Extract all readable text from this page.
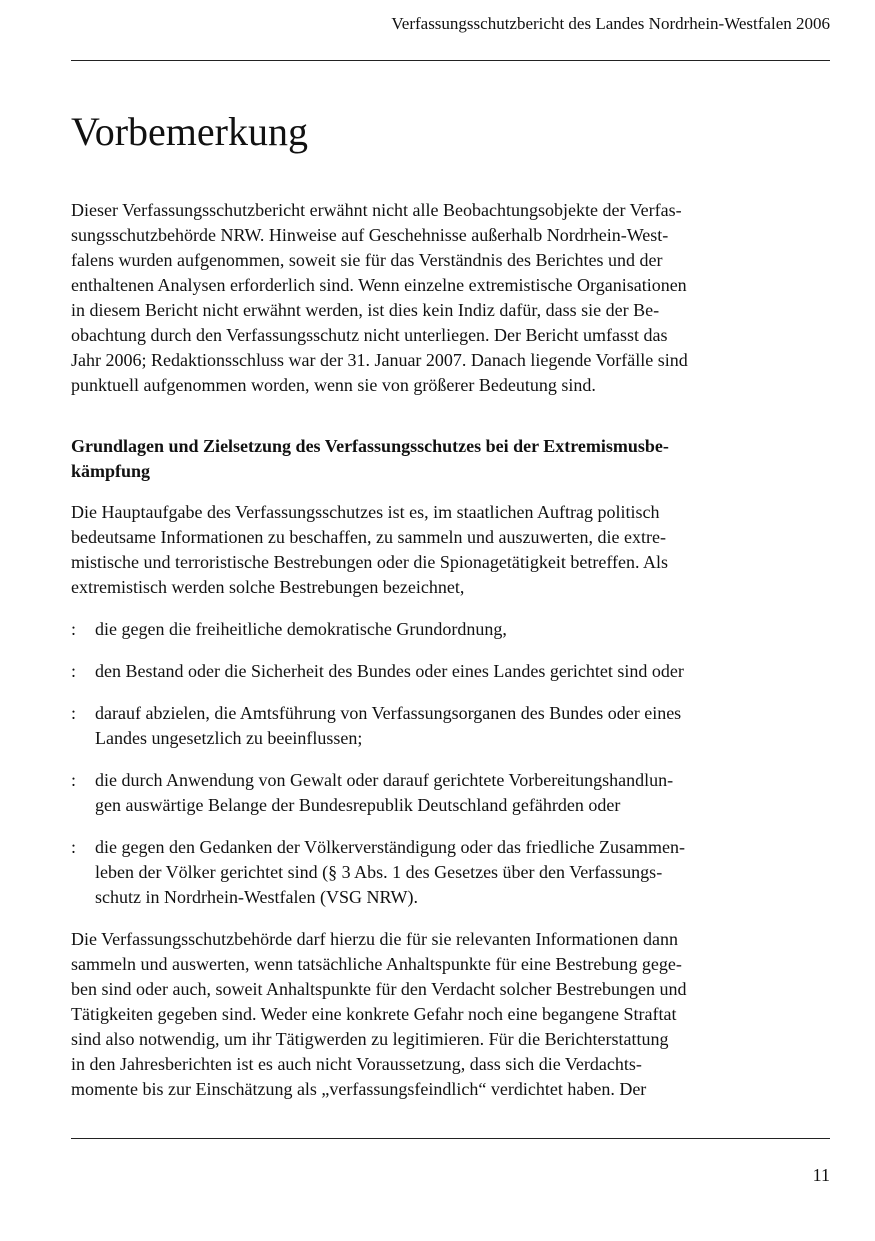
Verfassungsschutzbericht des Landes Nordrhein-Westfalen 2006
Vorbemerkung

Dieser Verfassungsschutzbericht erwähnt nicht alle Beobachtungsobjekte der Verfas-
sungsschutzbehörde NRW. Hinweise auf Geschehnisse außerhalb Nordrhein-West-
falens wurden aufgenommen, soweit sie für das Verständnis des Berichtes und der
enthaltenen Analysen erforderlich sind. Wenn einzelne extremistische Organisationen
in diesem Bericht nicht erwähnt werden, ist dies kein Indiz dafür, dass sie der Be-
obachtung durch den Verfassungsschutz nicht unterliegen. Der Bericht umfasst das
Jahr 2006; Redaktionsschluss war der 31. Januar 2007. Danach liegende Vorfälle sind
punktuell aufgenommen worden, wenn sie von größerer Bedeutung sind.

Grundlagen und Zielsetzung des Verfassungsschutzes bei der Extremismusbe-
kämpfung

Die Hauptaufgabe des Verfassungsschutzes ist es, im staatlichen Auftrag politisch
bedeutsame Informationen zu beschaffen, zu sammeln und auszuwerten, die extre-
mistische und terroristische Bestrebungen oder die Spionagetätigkeit betreffen. Als
extremistisch werden solche Bestrebungen bezeichnet,

: die gegen die freiheitliche demokratische Grundordnung,
: den Bestand oder die Sicherheit des Bundes oder eines Landes gerichtet sind oder
: darauf abzielen, die Amtsführung von Verfassungsorganen des Bundes oder eines
Landes ungesetzlich zu beeinflussen;
: die durch Anwendung von Gewalt oder darauf gerichtete Vorbereitungshandlun-
gen auswärtige Belange der Bundesrepublik Deutschland gefährden oder
: die gegen den Gedanken der Völkerverständigung oder das friedliche Zusammen-
leben der Völker gerichtet sind (§ 3 Abs. 1 des Gesetzes über den Verfassungs-
schutz in Nordrhein-Westfalen (VSG NRW).

Die Verfassungsschutzbehörde darf hierzu die für sie relevanten Informationen dann
sammeln und auswerten, wenn tatsächliche Anhaltspunkte für eine Bestrebung gege-
ben sind oder auch, soweit Anhaltspunkte für den Verdacht solcher Bestrebungen und
Tätigkeiten gegeben sind. Weder eine konkrete Gefahr noch eine begangene Straftat
sind also notwendig, um ihr Tätigwerden zu legitimieren. Für die Berichterstattung
in den Jahresberichten ist es auch nicht Voraussetzung, dass sich die Verdachts-
momente bis zur Einschätzung als „verfassungsfeindlich“ verdichtet haben. Der

11
